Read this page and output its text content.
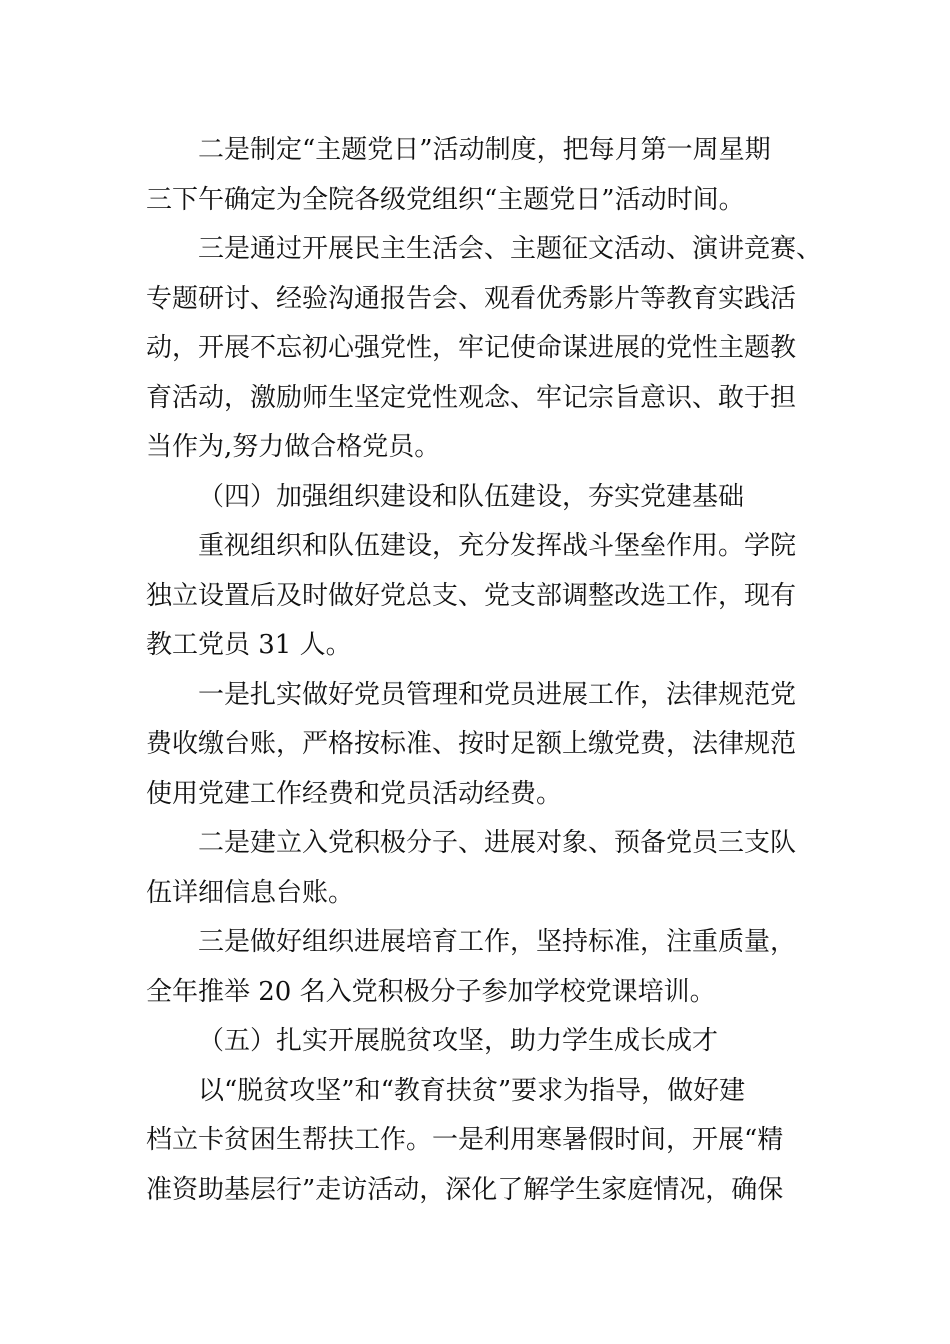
二是制定“主题党日”活动制度，把每月第一周星期
三下午确定为全院各级党组织“主题党日”活动时间。
三是通过开展民主生活会、主题征文活动、演讲竞赛、
专题研讨、经验沟通报告会、观看优秀影片等教育实践活
动，开展不忘初心强党性，牢记使命谋进展的党性主题教
育活动，激励师生坚定党性观念、牢记宗旨意识、敢于担
当作为,努力做合格党员。
（四）加强组织建设和队伍建设，夯实党建基础
重视组织和队伍建设，充分发挥战斗堡垒作用。学院
独立设置后及时做好党总支、党支部调整改选工作，现有
教工党员 31 人。
一是扎实做好党员管理和党员进展工作，法律规范党
费收缴台账，严格按标准、按时足额上缴党费，法律规范
使用党建工作经费和党员活动经费。
二是建立入党积极分子、进展对象、预备党员三支队
伍详细信息台账。
三是做好组织进展培育工作，坚持标准，注重质量，
全年推举 20 名入党积极分子参加学校党课培训。
（五）扎实开展脱贫攻坚，助力学生成长成才
以“脱贫攻坚”和“教育扶贫”要求为指导，做好建
档立卡贫困生帮扶工作。一是利用寒暑假时间，开展“精
准资助基层行”走访活动，深化了解学生家庭情况，确保
